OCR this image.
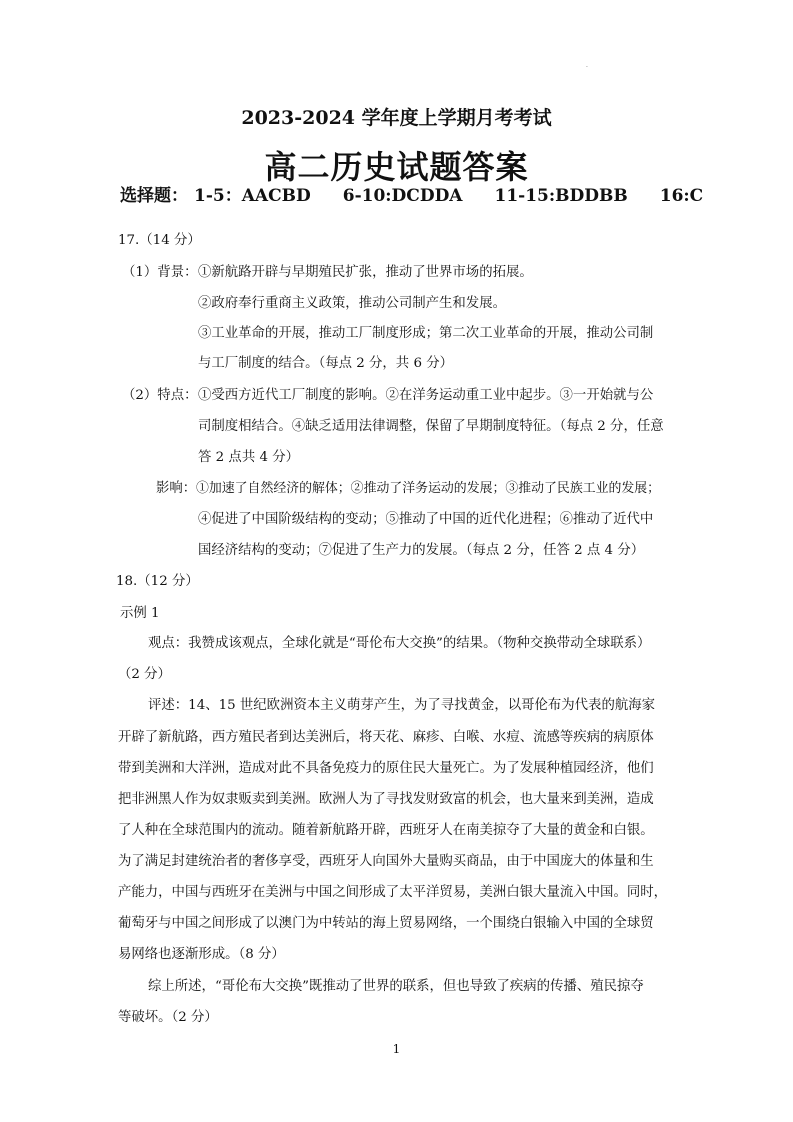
.
2023-2024 学年度上学期月考考试
高二历史试题答案
选择题： 1-5：AACBD 6-10:DCDDA 11-15:BDDBB 16:C
17.（14 分）
（1）背景： ①新航路开辟与早期殖民扩张，推动了世界市场的拓展。
②政府奉行重商主义政策，推动公司制产生和发展。
③工业革命的开展，推动工厂制度形成；第二次工业革命的开展，推动公司制
与工厂制度的结合。（每点 2 分，共 6 分）
（2）特点： ①受西方近代工厂制度的影响。②在洋务运动重工业中起步。③一开始就与公
司制度相结合。④缺乏适用法律调整，保留了早期制度特征。（每点 2 分，任意
答 2 点共 4 分）
影响： ①加速了自然经济的解体；②推动了洋务运动的发展；③推动了民族工业的发展；
④促进了中国阶级结构的变动；⑤推动了中国的近代化进程；⑥推动了近代中
国经济结构的变动；⑦促进了生产力的发展。（每点 2 分，任答 2 点 4 分）
18.（12 分）
示例 1
观点：我赞成该观点，全球化就是“哥伦布大交换”的结果。（物种交换带动全球联系）
（2 分）
评述：14、15 世纪欧洲资本主义萌芽产生，为了寻找黄金，以哥伦布为代表的航海家
开辟了新航路，西方殖民者到达美洲后，将天花、麻疹、白喉、水痘、流感等疾病的病原体
带到美洲和大洋洲，造成对此不具备免疫力的原住民大量死亡。为了发展种植园经济，他们
把非洲黑人作为奴隶贩卖到美洲。欧洲人为了寻找发财致富的机会，也大量来到美洲，造成
了人种在全球范围内的流动。随着新航路开辟，西班牙人在南美掠夺了大量的黄金和白银。
为了满足封建统治者的奢侈享受，西班牙人向国外大量购买商品，由于中国庞大的体量和生
产能力，中国与西班牙在美洲与中国之间形成了太平洋贸易，美洲白银大量流入中国。同时，
葡萄牙与中国之间形成了以澳门为中转站的海上贸易网络，一个围绕白银输入中国的全球贸
易网络也逐渐形成。（8 分）
综上所述，“哥伦布大交换”既推动了世界的联系，但也导致了疾病的传播、殖民掠夺
等破坏。（2 分）
1
